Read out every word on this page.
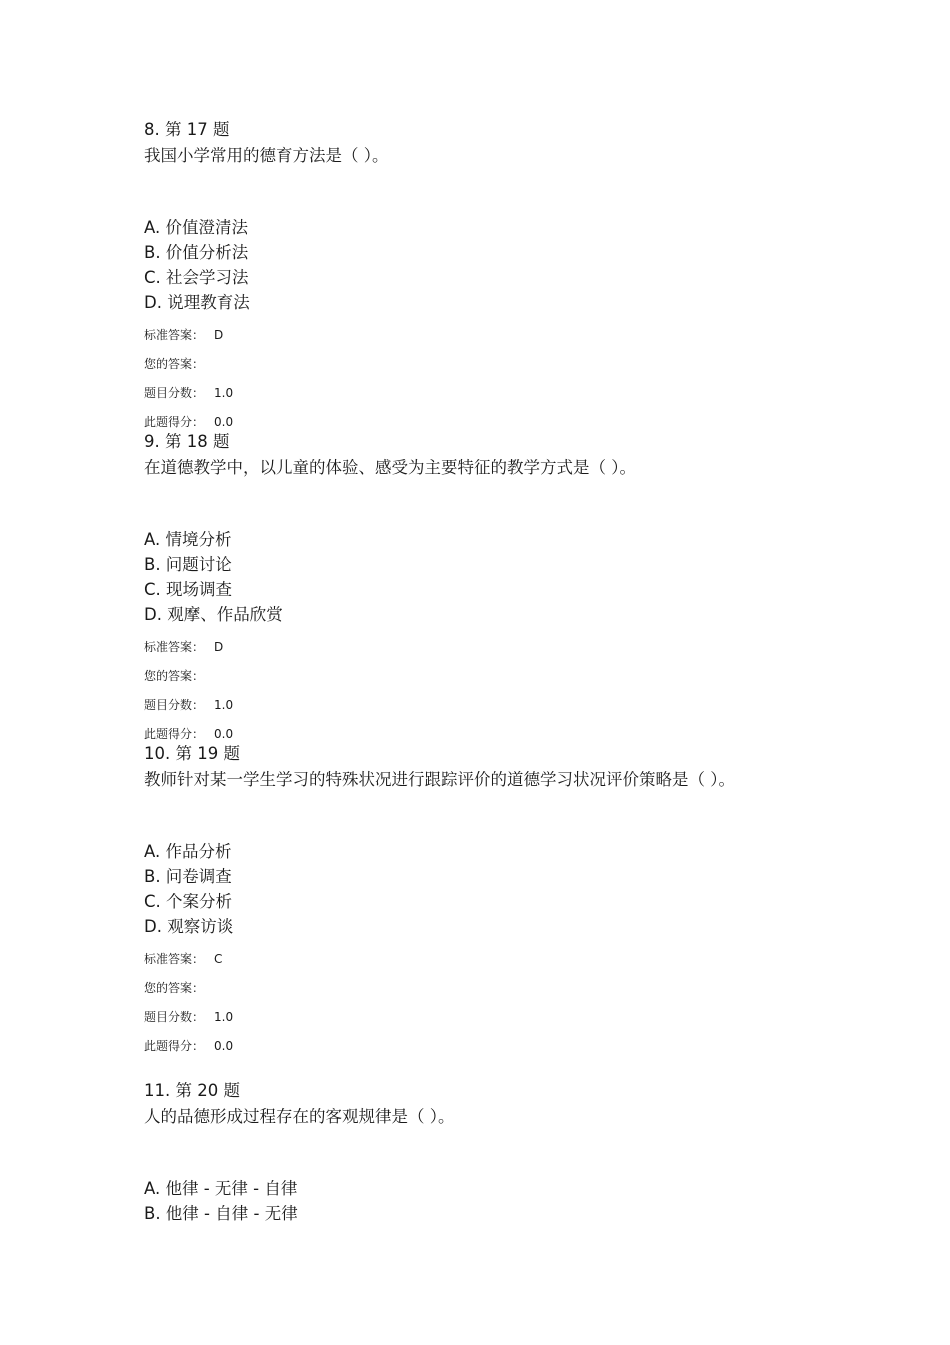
8. 第 17 题
我国小学常用的德育方法是（ ）。
A. 价值澄清法
B. 价值分析法
C. 社会学习法
D. 说理教育法
标准答案： D
您的答案：
题目分数： 1.0
此题得分： 0.0
9. 第 18 题
在道德教学中，以儿童的体验、感受为主要特征的教学方式是（ ）。
A. 情境分析
B. 问题讨论
C. 现场调查
D. 观摩、作品欣赏
标准答案： D
您的答案：
题目分数： 1.0
此题得分： 0.0
10. 第 19 题
教师针对某一学生学习的特殊状况进行跟踪评价的道德学习状况评价策略是（ ）。
A. 作品分析
B. 问卷调查
C. 个案分析
D. 观察访谈
标准答案： C
您的答案：
题目分数： 1.0
此题得分： 0.0
11. 第 20 题
人的品德形成过程存在的客观规律是（ ）。
A. 他律 - 无律 - 自律
B. 他律 - 自律 - 无律
